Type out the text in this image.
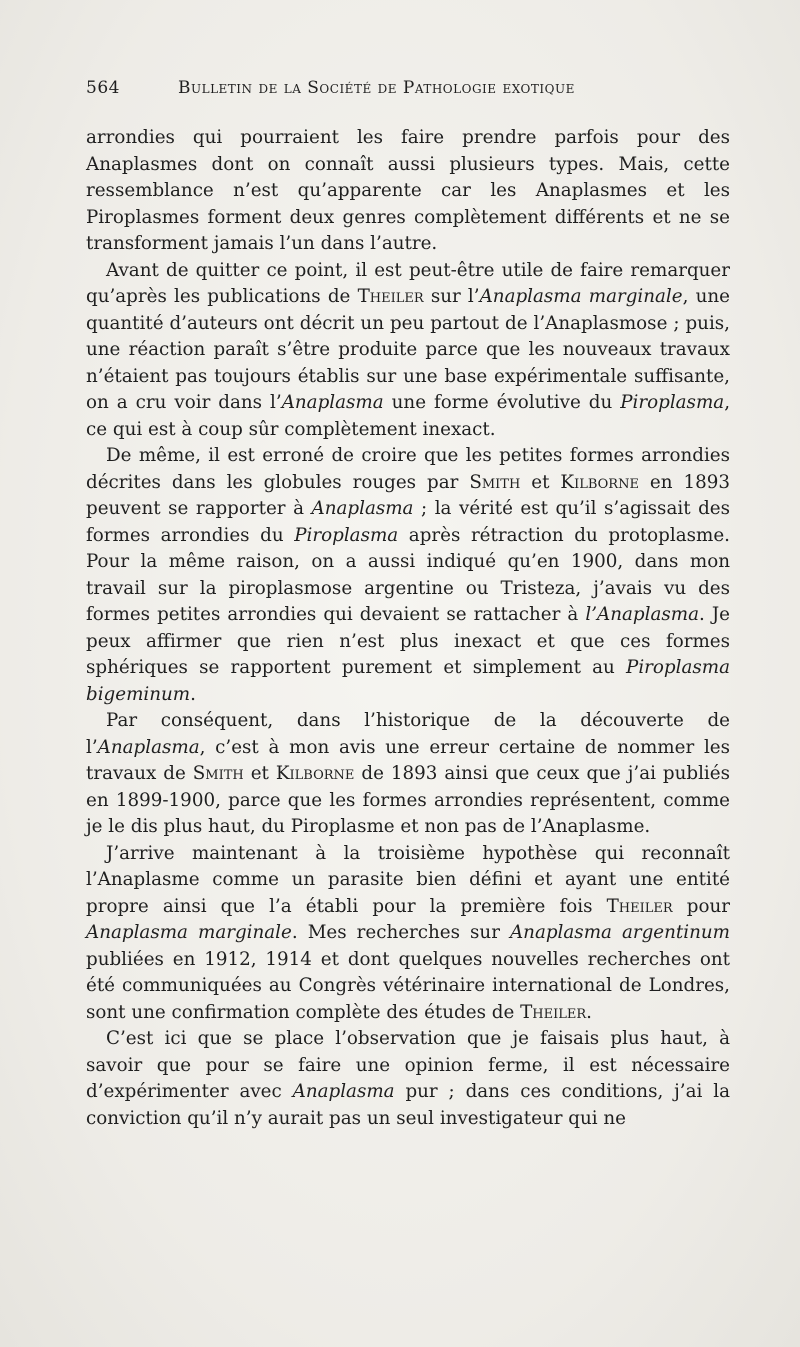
564	Bulletin de la Société de Pathologie exotique

arrondies qui pourraient les faire prendre parfois pour des Anaplasmes dont on connaît aussi plusieurs types. Mais, cette ressemblance n’est qu’apparente car les Anaplasmes et les Piroplasmes forment deux genres complètement différents et ne se transforment jamais l’un dans l’autre.

Avant de quitter ce point, il est peut-être utile de faire remarquer qu’après les publications de Theiler sur l’Anaplasma marginale, une quantité d’auteurs ont décrit un peu partout de l’Anaplasmose ; puis, une réaction paraît s’être produite parce que les nouveaux travaux n’étaient pas toujours établis sur une base expérimentale suffisante, on a cru voir dans l’Anaplasma une forme évolutive du Piroplasma, ce qui est à coup sûr complètement inexact.

De même, il est erroné de croire que les petites formes arrondies décrites dans les globules rouges par Smith et Kilborne en 1893 peuvent se rapporter à Anaplasma ; la vérité est qu’il s’agissait des formes arrondies du Piroplasma après rétraction du protoplasme. Pour la même raison, on a aussi indiqué qu’en 1900, dans mon travail sur la piroplasmose argentine ou Tristeza, j’avais vu des formes petites arrondies qui devaient se rattacher à l’Anaplasma. Je peux affirmer que rien n’est plus inexact et que ces formes sphériques se rapportent purement et simplement au Piroplasma bigeminum.

Par conséquent, dans l’historique de la découverte de l’Anaplasma, c’est à mon avis une erreur certaine de nommer les travaux de Smith et Kilborne de 1893 ainsi que ceux que j’ai publiés en 1899-1900, parce que les formes arrondies représentent, comme je le dis plus haut, du Piroplasme et non pas de l’Anaplasme.

J’arrive maintenant à la troisième hypothèse qui reconnaît l’Anaplasme comme un parasite bien défini et ayant une entité propre ainsi que l’a établi pour la première fois Theiler pour Anaplasma marginale. Mes recherches sur Anaplasma argentinum publiées en 1912, 1914 et dont quelques nouvelles recherches ont été communiquées au Congrès vétérinaire international de Londres, sont une confirmation complète des études de Theiler.

C’est ici que se place l’observation que je faisais plus haut, à savoir que pour se faire une opinion ferme, il est nécessaire d’expérimenter avec Anaplasma pur ; dans ces conditions, j’ai la conviction qu’il n’y aurait pas un seul investigateur qui ne
